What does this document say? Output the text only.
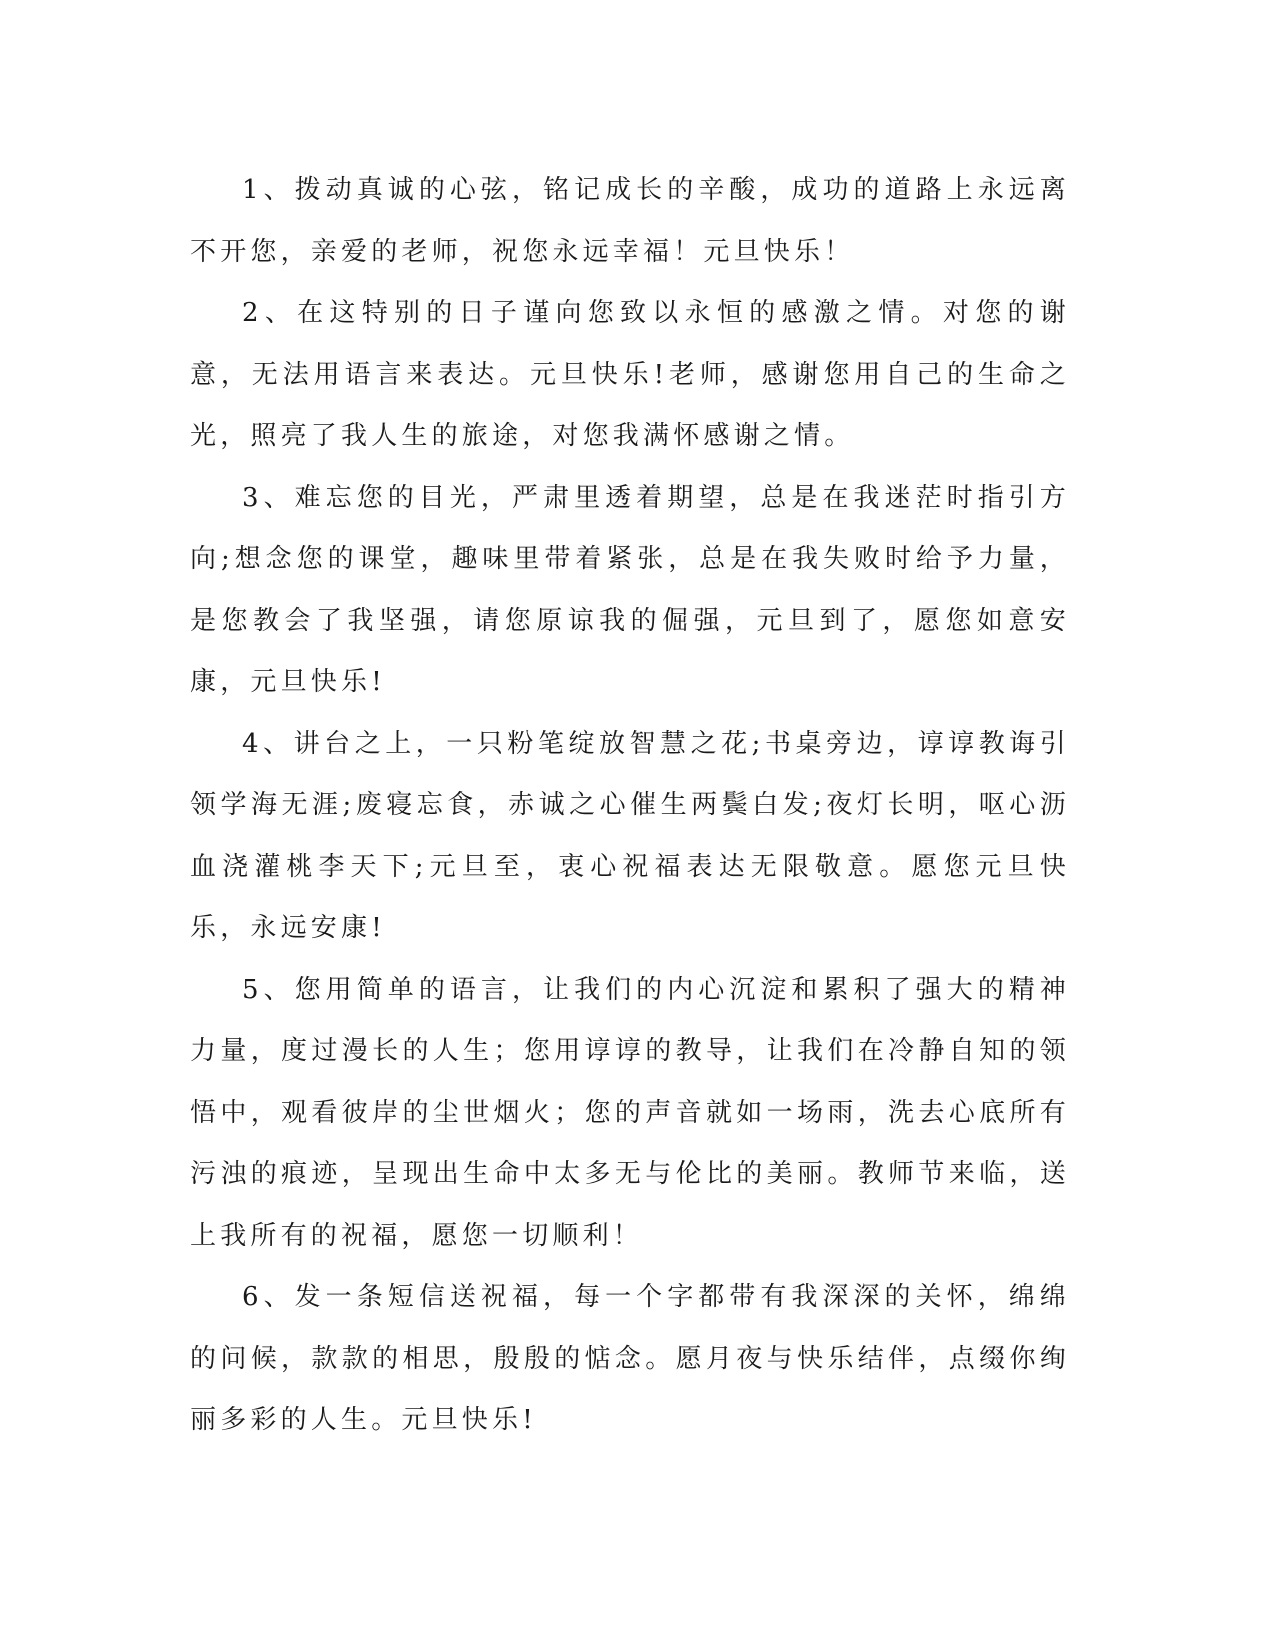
1、拨动真诚的心弦，铭记成长的辛酸，成功的道路上永远离不开您，亲爱的老师，祝您永远幸福！元旦快乐！

2、在这特别的日子谨向您致以永恒的感激之情。对您的谢意，无法用语言来表达。元旦快乐!老师，感谢您用自己的生命之光，照亮了我人生的旅途，对您我满怀感谢之情。

3、难忘您的目光，严肃里透着期望，总是在我迷茫时指引方向;想念您的课堂，趣味里带着紧张，总是在我失败时给予力量，是您教会了我坚强，请您原谅我的倔强，元旦到了，愿您如意安康，元旦快乐!

4、讲台之上，一只粉笔绽放智慧之花;书桌旁边，谆谆教诲引领学海无涯;废寝忘食，赤诚之心催生两鬓白发;夜灯长明，呕心沥血浇灌桃李天下;元旦至，衷心祝福表达无限敬意。愿您元旦快乐，永远安康!

5、您用简单的语言，让我们的内心沉淀和累积了强大的精神力量，度过漫长的人生；您用谆谆的教导，让我们在冷静自知的领悟中，观看彼岸的尘世烟火；您的声音就如一场雨，洗去心底所有污浊的痕迹，呈现出生命中太多无与伦比的美丽。教师节来临，送上我所有的祝福，愿您一切顺利！

6、发一条短信送祝福，每一个字都带有我深深的关怀，绵绵的问候，款款的相思，殷殷的惦念。愿月夜与快乐结伴，点缀你绚丽多彩的人生。元旦快乐!
